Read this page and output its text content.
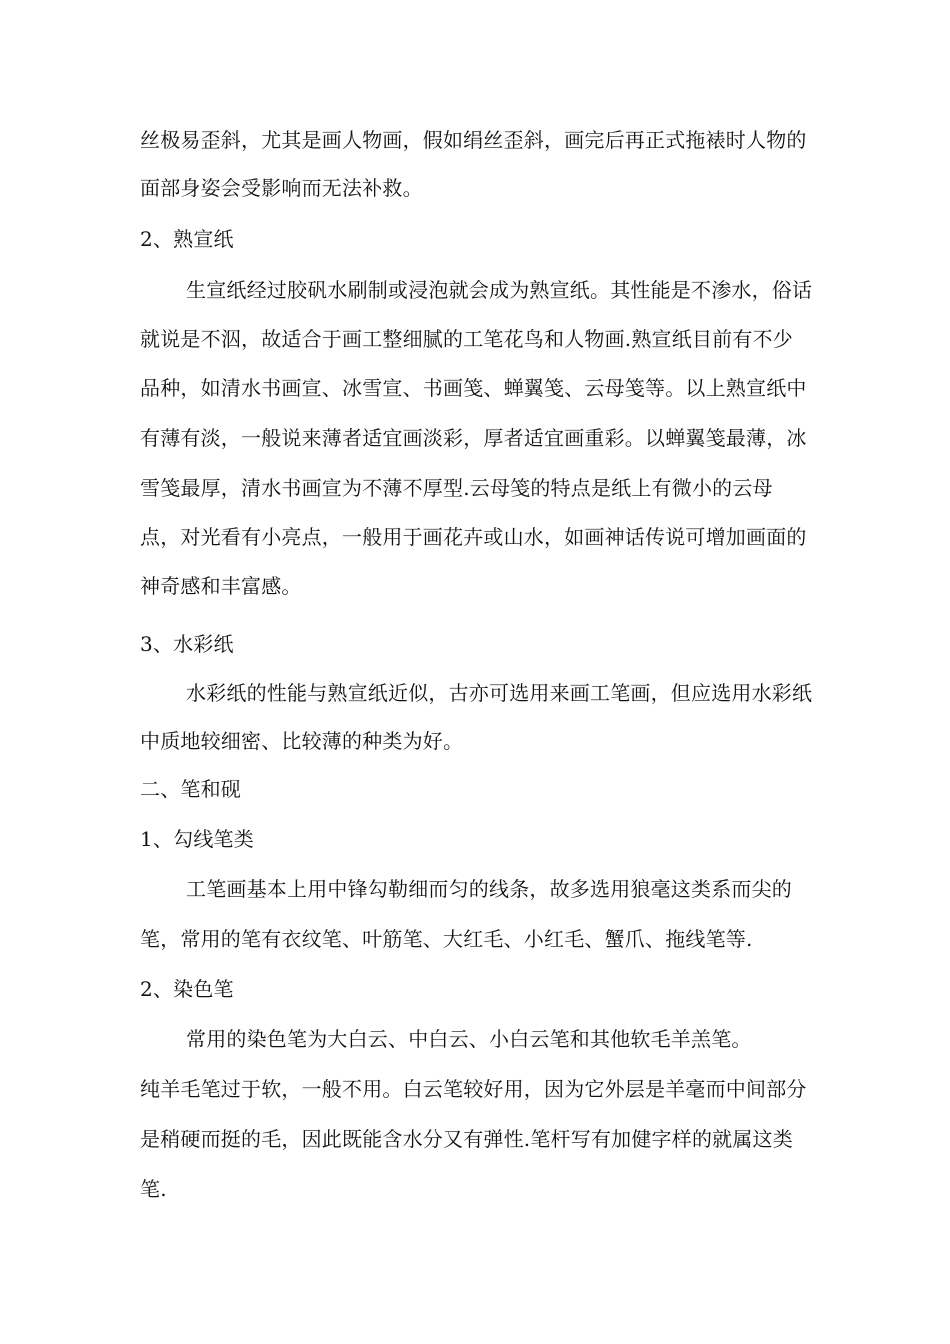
丝极易歪斜，尤其是画人物画，假如绢丝歪斜，画完后再正式拖裱时人物的
面部身姿会受影响而无法补救。
2、熟宣纸
生宣纸经过胶矾水刷制或浸泡就会成为熟宣纸。其性能是不渗水，俗话
就说是不泅，故适合于画工整细腻的工笔花鸟和人物画.熟宣纸目前有不少
品种，如清水书画宣、冰雪宣、书画笺、蝉翼笺、云母笺等。以上熟宣纸中
有薄有淡，一般说来薄者适宜画淡彩，厚者适宜画重彩。以蝉翼笺最薄，冰
雪笺最厚，清水书画宣为不薄不厚型.云母笺的特点是纸上有微小的云母
点，对光看有小亮点，一般用于画花卉或山水，如画神话传说可增加画面的
神奇感和丰富感。
3、水彩纸
水彩纸的性能与熟宣纸近似，古亦可选用来画工笔画，但应选用水彩纸
中质地较细密、比较薄的种类为好。
二、笔和砚
1、勾线笔类
工笔画基本上用中锋勾勒细而匀的线条，故多选用狼毫这类系而尖的
笔，常用的笔有衣纹笔、叶筋笔、大红毛、小红毛、蟹爪、拖线笔等.
2、染色笔
常用的染色笔为大白云、中白云、小白云笔和其他软毛羊羔笔。
纯羊毛笔过于软，一般不用。白云笔较好用，因为它外层是羊毫而中间部分
是稍硬而挺的毛，因此既能含水分又有弹性.笔杆写有加健字样的就属这类
笔.
